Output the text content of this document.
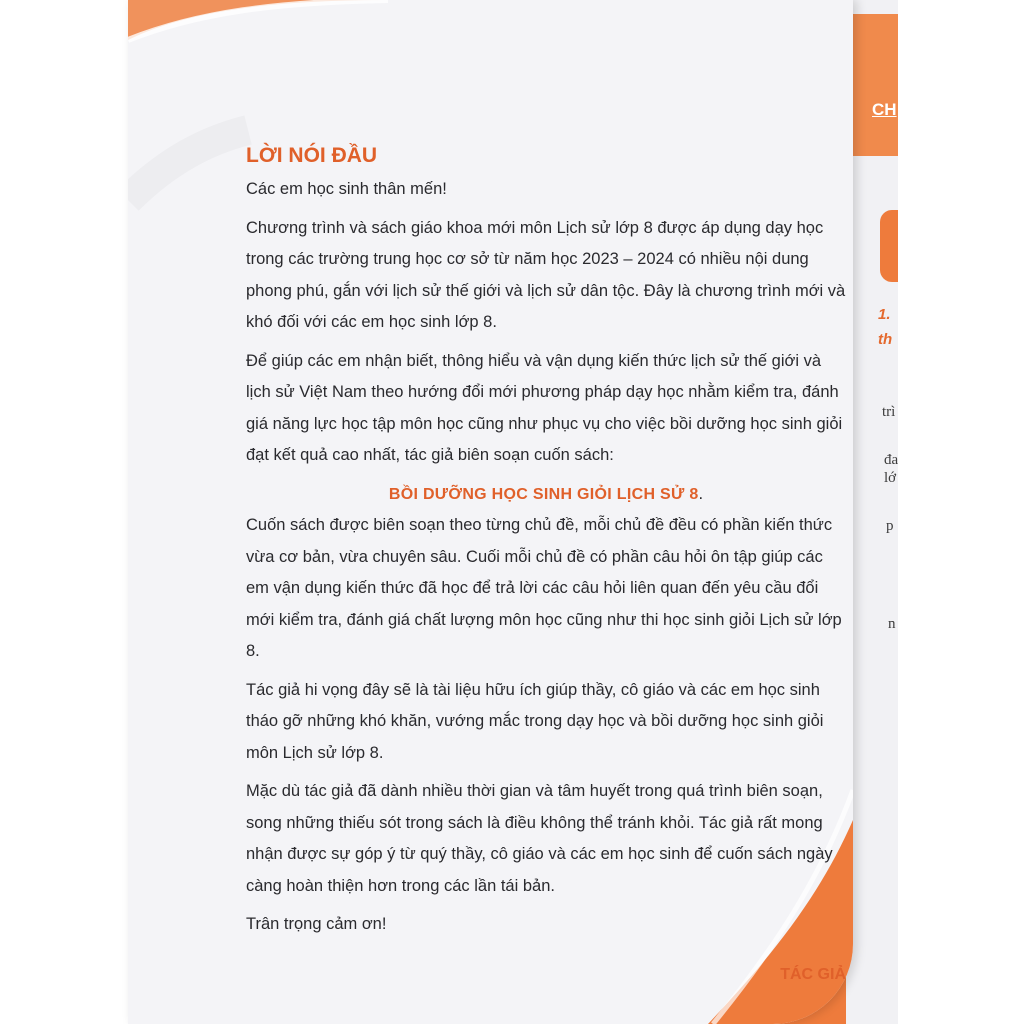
CH
1.
th
trì
đa
lớ
p
n
LỜI NÓI ĐẦU

Các em học sinh thân mến!

Chương trình và sách giáo khoa mới môn Lịch sử lớp 8 được áp dụng dạy học trong các trường trung học cơ sở từ năm học 2023 – 2024 có nhiều nội dung phong phú, gắn với lịch sử thế giới và lịch sử dân tộc. Đây là chương trình mới và khó đối với các em học sinh lớp 8.

Để giúp các em nhận biết, thông hiểu và vận dụng kiến thức lịch sử thế giới và lịch sử Việt Nam theo hướng đổi mới phương pháp dạy học nhằm kiểm tra, đánh giá năng lực học tập môn học cũng như phục vụ cho việc bồi dưỡng học sinh giỏi đạt kết quả cao nhất, tác giả biên soạn cuốn sách:

BỒI DƯỠNG HỌC SINH GIỎI LỊCH SỬ 8.

Cuốn sách được biên soạn theo từng chủ đề, mỗi chủ đề đều có phần kiến thức vừa cơ bản, vừa chuyên sâu. Cuối mỗi chủ đề có phần câu hỏi ôn tập giúp các em vận dụng kiến thức đã học để trả lời các câu hỏi liên quan đến yêu cầu đổi mới kiểm tra, đánh giá chất lượng môn học cũng như thi học sinh giỏi Lịch sử lớp 8.

Tác giả hi vọng đây sẽ là tài liệu hữu ích giúp thầy, cô giáo và các em học sinh tháo gỡ những khó khăn, vướng mắc trong dạy học và bồi dưỡng học sinh giỏi môn Lịch sử lớp 8.

Mặc dù tác giả đã dành nhiều thời gian và tâm huyết trong quá trình biên soạn, song những thiếu sót trong sách là điều không thể tránh khỏi. Tác giả rất mong nhận được sự góp ý từ quý thầy, cô giáo và các em học sinh để cuốn sách ngày càng hoàn thiện hơn trong các lần tái bản.

Trân trọng cảm ơn!

TÁC GIẢ
